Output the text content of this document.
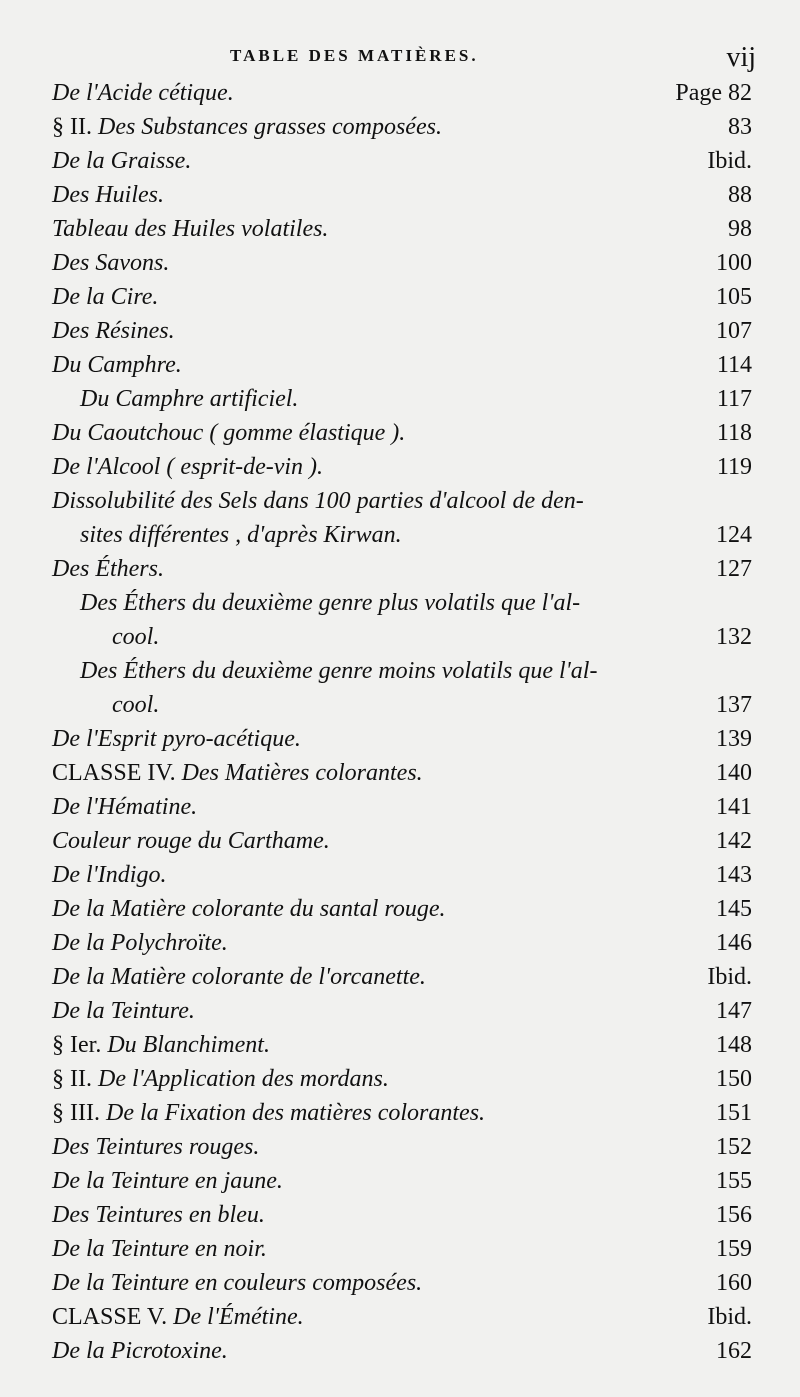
TABLE DES MATIÈRES.	vij
De l'Acide cétique.	Page 82
§ II. Des Substances grasses composées.	83
De la Graisse.	Ibid.
Des Huiles.	88
Tableau des Huiles volatiles.	98
Des Savons.	100
De la Cire.	105
Des Résines.	107
Du Camphre.	114
Du Camphre artificiel.	117
Du Caoutchouc ( gomme élastique ).	118
De l'Alcool ( esprit-de-vin ).	119
Dissolubilité des Sels dans 100 parties d'alcool de den-
sites différentes , d'après Kirwan.	124
Des Éthers.	127
Des Éthers du deuxième genre plus volatils que l'al-
cool.	132
Des Éthers du deuxième genre moins volatils que l'al-
cool.	137
De l'Esprit pyro-acétique.	139
CLASSE IV. Des Matières colorantes.	140
De l'Hématine.	141
Couleur rouge du Carthame.	142
De l'Indigo.	143
De la Matière colorante du santal rouge.	145
De la Polychroïte.	146
De la Matière colorante de l'orcanette.	Ibid.
De la Teinture.	147
§ Ier. Du Blanchiment.	148
§ II. De l'Application des mordans.	150
§ III. De la Fixation des matières colorantes.	151
Des Teintures rouges.	152
De la Teinture en jaune.	155
Des Teintures en bleu.	156
De la Teinture en noir.	159
De la Teinture en couleurs composées.	160
CLASSE V. De l'Émétine.	Ibid.
De la Picrotoxine.	162
